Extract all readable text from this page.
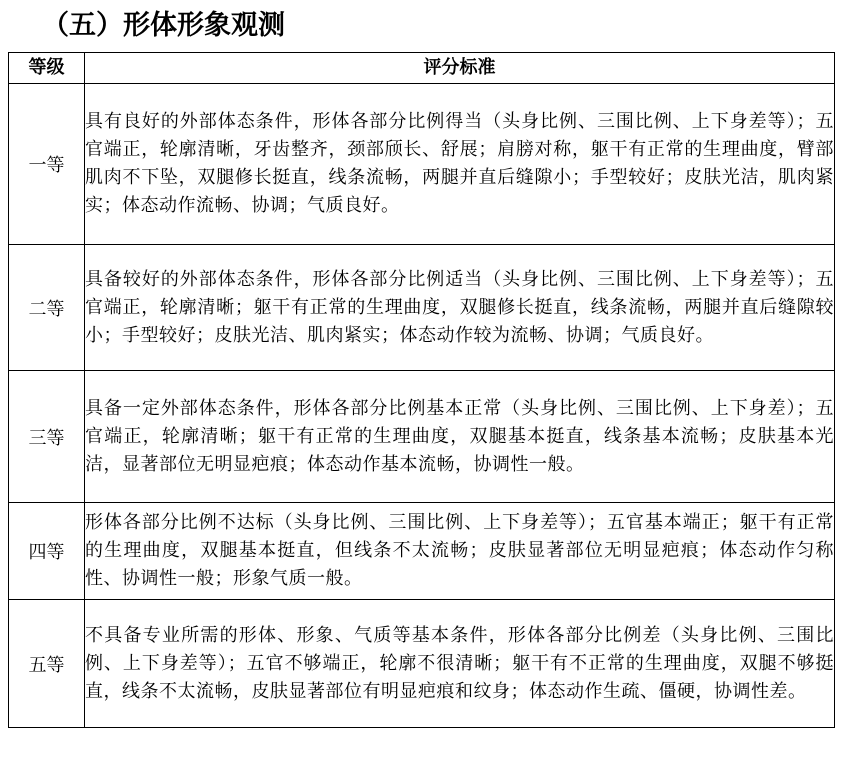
（五）形体形象观测
等级	评分标准
一等	具有良好的外部体态条件，形体各部分比例得当（头身比例、三围比例、上下身差等）；五官端正，轮廓清晰，牙齿整齐，颈部颀长、舒展；肩膀对称，躯干有正常的生理曲度，臂部肌肉不下坠，双腿修长挺直，线条流畅，两腿并直后缝隙小；手型较好；皮肤光洁，肌肉紧实；体态动作流畅、协调；气质良好。
二等	具备较好的外部体态条件，形体各部分比例适当（头身比例、三围比例、上下身差等）；五官端正，轮廓清晰；躯干有正常的生理曲度，双腿修长挺直，线条流畅，两腿并直后缝隙较小；手型较好；皮肤光洁、肌肉紧实；体态动作较为流畅、协调；气质良好。
三等	具备一定外部体态条件，形体各部分比例基本正常（头身比例、三围比例、上下身差）；五官端正，轮廓清晰；躯干有正常的生理曲度，双腿基本挺直，线条基本流畅；皮肤基本光洁，显著部位无明显疤痕；体态动作基本流畅，协调性一般。
四等	形体各部分比例不达标（头身比例、三围比例、上下身差等）；五官基本端正；躯干有正常的生理曲度，双腿基本挺直，但线条不太流畅；皮肤显著部位无明显疤痕；体态动作匀称性、协调性一般；形象气质一般。
五等	不具备专业所需的形体、形象、气质等基本条件，形体各部分比例差（头身比例、三围比例、上下身差等）；五官不够端正，轮廓不很清晰；躯干有不正常的生理曲度，双腿不够挺直，线条不太流畅，皮肤显著部位有明显疤痕和纹身；体态动作生疏、僵硬，协调性差。
